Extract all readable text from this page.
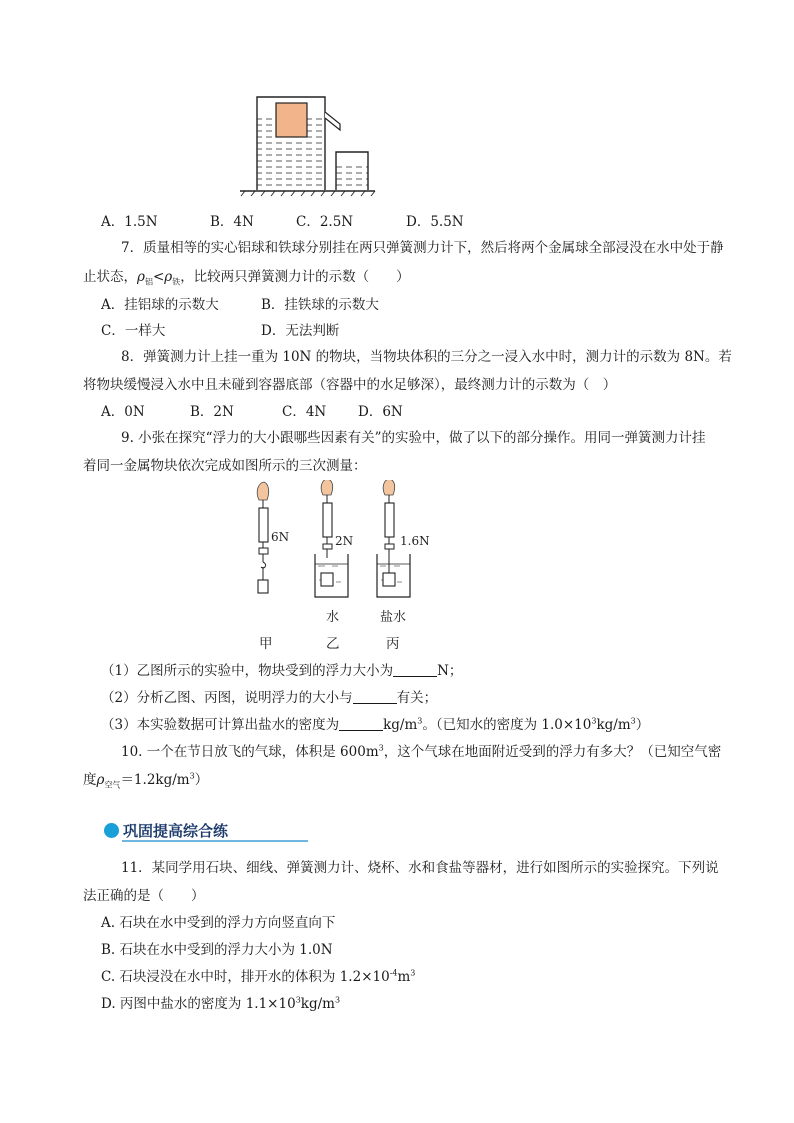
A．1.5N	B．4N	C．2.5N	D．5.5N
7．质量相等的实心铝球和铁球分别挂在两只弹簧测力计下，然后将两个金属球全部浸没在水中处于静
止状态，$\rho_铝<\rho_铁$，比较两只弹簧测力计的示数（　　）
A．挂铝球的示数大	B．挂铁球的示数大
C．一样大	D．无法判断
8．弹簧测力计上挂一重为 10N 的物块，当物块体积的三分之一浸入水中时，测力计的示数为 8N。若
将物块缓慢浸入水中且未碰到容器底部（容器中的水足够深），最终测力计的示数为（　）
A．0N	B．2N	C．4N D．6N
9. 小张在探究“浮力的大小跟哪些因素有关”的实验中，做了以下的部分操作。用同一弹簧测力计挂
着同一金属物块依次完成如图所示的三次测量：
6N	2N	1.6N
水	盐水
甲	乙	丙
（1）乙图所示的实验中，物块受到的浮力大小为	N；
（2）分析乙图、丙图，说明浮力的大小与	有关；
（3）本实验数据可计算出盐水的密度为	$kg/m^3$。（已知水的密度为 $1.0\times 10^3kg/m^3$）
10. 一个在节日放飞的气球，体积是 $600m^3$，这个气球在地面附近受到的浮力有多大？（已知空气密
度$\rho_{空气}=1.2kg/m^3$）
巩固提高综合练
11．某同学用石块、细线、弹簧测力计、烧杯、水和食盐等器材，进行如图所示的实验探究。下列说
法正确的是（　　）
A. 石块在水中受到的浮力方向竖直向下
B. 石块在水中受到的浮力大小为 1.0N
C. 石块浸没在水中时，排开水的体积为 $1.2\times 10^{-4}m^3$
D. 丙图中盐水的密度为 $1.1\times 10^3kg/m^3$
